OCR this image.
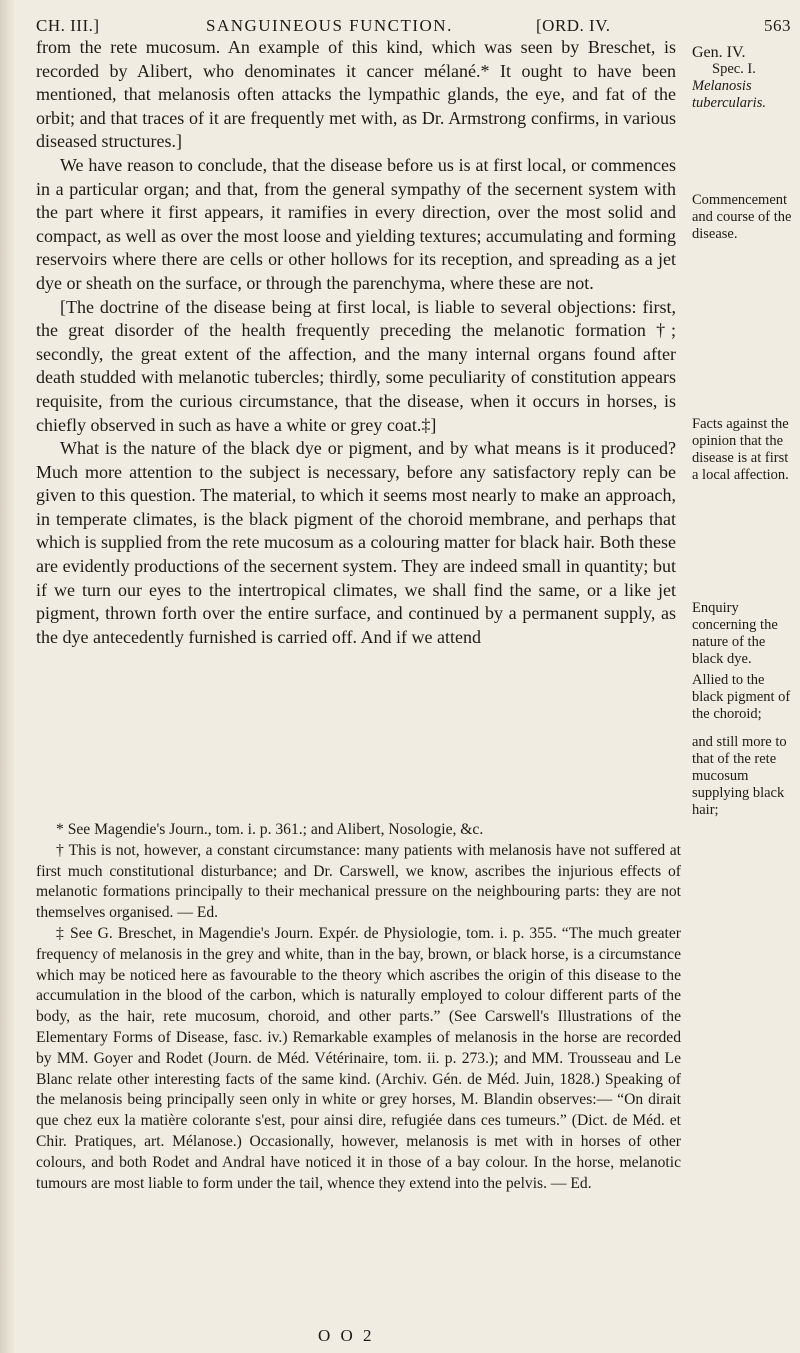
CH. III.]	SANGUINEOUS FUNCTION.	[ORD. IV.	563

from the rete mucosum. An example of this kind, which was seen by Breschet, is recorded by Alibert, who denominates it cancer mélané.* It ought to have been mentioned, that melanosis often attacks the lympathic glands, the eye, and fat of the orbit; and that traces of it are frequently met with, as Dr. Armstrong confirms, in various diseased structures.]

We have reason to conclude, that the disease before us is at first local, or commences in a particular organ; and that, from the general sympathy of the secernent system with the part where it first appears, it ramifies in every direction, over the most solid and compact, as well as over the most loose and yielding textures; accumulating and forming reservoirs where there are cells or other hollows for its reception, and spreading as a jet dye or sheath on the surface, or through the parenchyma, where these are not.

[The doctrine of the disease being at first local, is liable to several objections: first, the great disorder of the health frequently preceding the melanotic formation †; secondly, the great extent of the affection, and the many internal organs found after death studded with melanotic tubercles; thirdly, some peculiarity of constitution appears requisite, from the curious circumstance, that the disease, when it occurs in horses, is chiefly observed in such as have a white or grey coat.‡]

What is the nature of the black dye or pigment, and by what means is it produced? Much more attention to the subject is necessary, before any satisfactory reply can be given to this question. The material, to which it seems most nearly to make an approach, in temperate climates, is the black pigment of the choroid membrane, and perhaps that which is supplied from the rete mucosum as a colouring matter for black hair. Both these are evidently productions of the secernent system. They are indeed small in quantity; but if we turn our eyes to the intertropical climates, we shall find the same, or a like jet pigment, thrown forth over the entire surface, and continued by a permanent supply, as the dye antecedently furnished is carried off. And if we attend

* See Magendie's Journ., tom. i. p. 361.; and Alibert, Nosologie, &c.

† This is not, however, a constant circumstance: many patients with melanosis have not suffered at first much constitutional disturbance; and Dr. Carswell, we know, ascribes the injurious effects of melanotic formations principally to their mechanical pressure on the neighbouring parts: they are not themselves organised. — Ed.

‡ See G. Breschet, in Magendie's Journ. Expér. de Physiologie, tom. i. p. 355. “The much greater frequency of melanosis in the grey and white, than in the bay, brown, or black horse, is a circumstance which may be noticed here as favourable to the theory which ascribes the origin of this disease to the accumulation in the blood of the carbon, which is naturally employed to colour different parts of the body, as the hair, rete mucosum, choroid, and other parts.” (See Carswell's Illustrations of the Elementary Forms of Disease, fasc. iv.) Remarkable examples of melanosis in the horse are recorded by MM. Goyer and Rodet (Journ. de Méd. Vétérinaire, tom. ii. p. 273.); and MM. Trousseau and Le Blanc relate other interesting facts of the same kind. (Archiv. Gén. de Méd. Juin, 1828.) Speaking of the melanosis being principally seen only in white or grey horses, M. Blandin observes:— “On dirait que chez eux la matière colorante s'est, pour ainsi dire, refugiée dans ces tumeurs.” (Dict. de Méd. et Chir. Pratiques, art. Mélanose.) Occasionally, however, melanosis is met with in horses of other colours, and both Rodet and Andral have noticed it in those of a bay colour. In the horse, melanotic tumours are most liable to form under the tail, whence they extend into the pelvis. — Ed.

Gen. IV.
Spec. I.
Melanosis tubercularis.
Commencement and course of the disease.
Facts against the opinion that the disease is at first a local affection.
Enquiry concerning the nature of the black dye.
Allied to the black pigment of the choroid;
and still more to that of the rete mucosum supplying black hair;
O O 2
